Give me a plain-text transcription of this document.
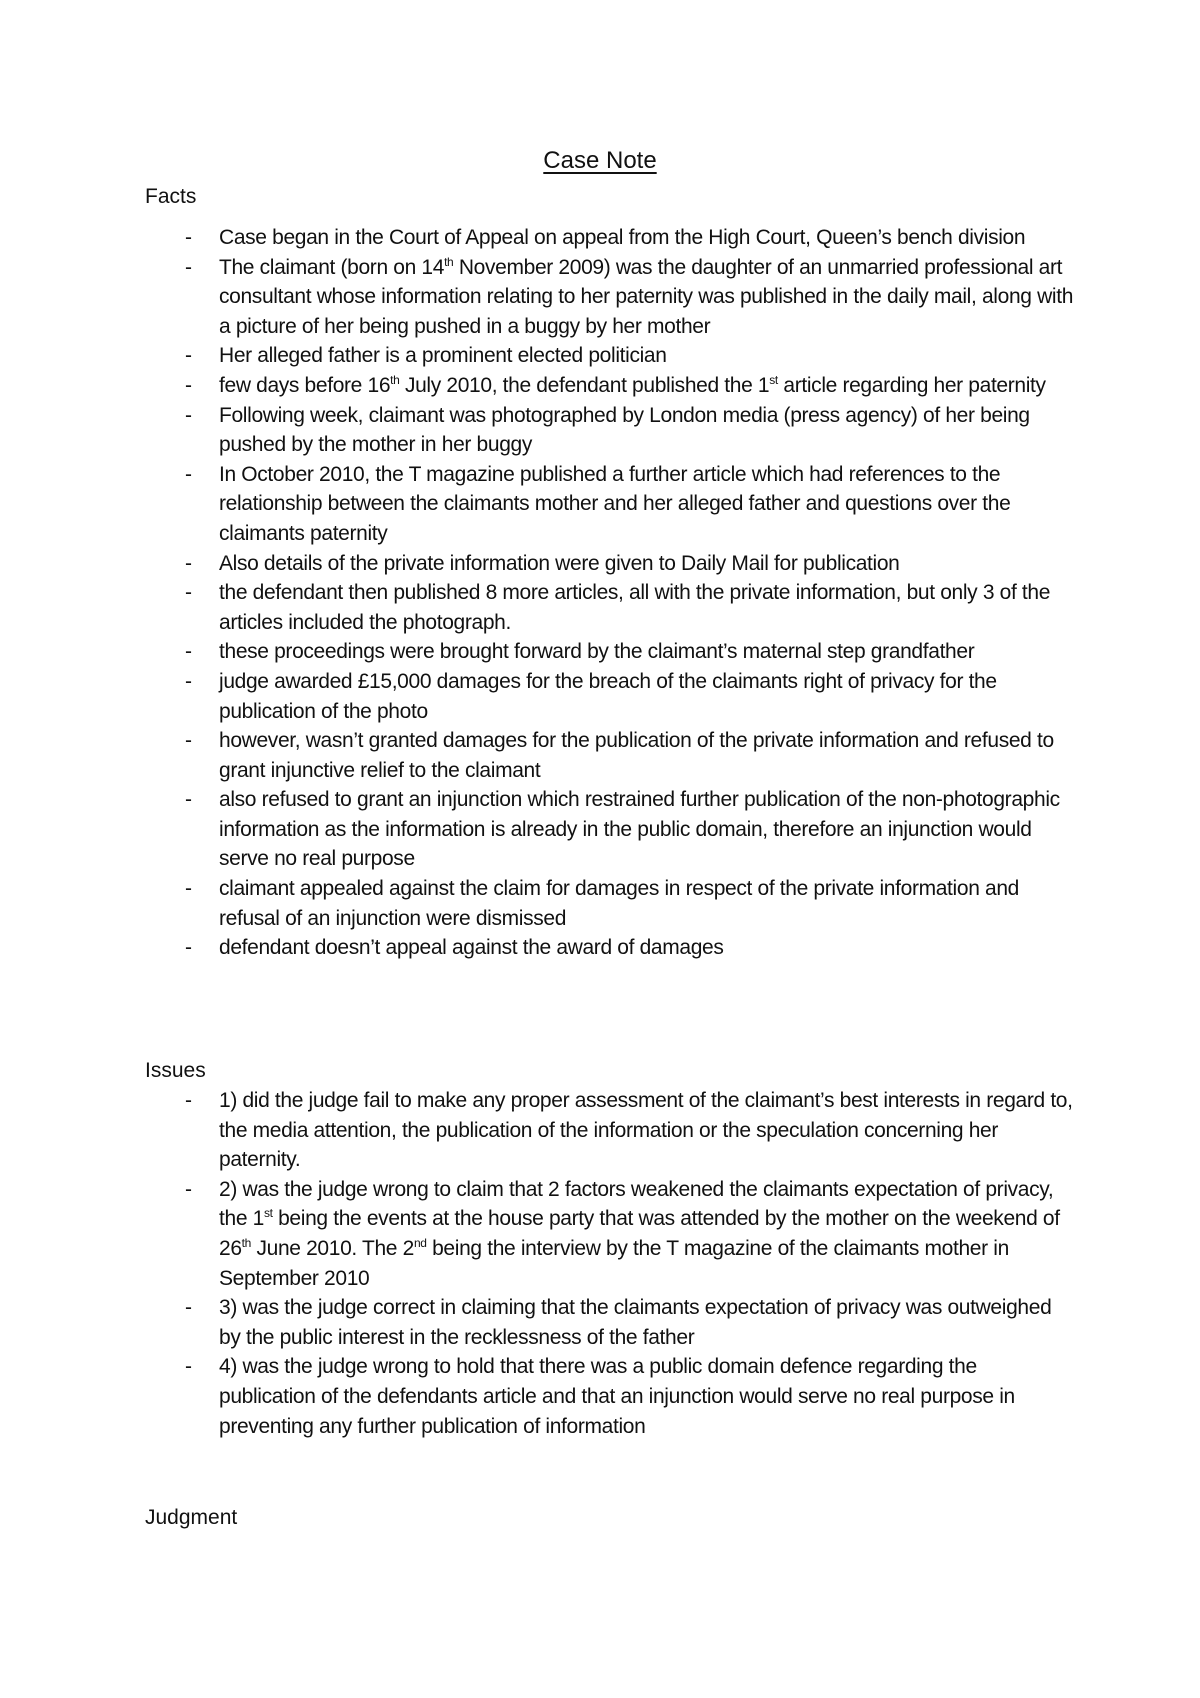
Case Note
Facts
- Case began in the Court of Appeal on appeal from the High Court, Queen’s bench division
- The claimant (born on 14th November 2009) was the daughter of an unmarried professional art consultant whose information relating to her paternity was published in the daily mail, along with a picture of her being pushed in a buggy by her mother
- Her alleged father is a prominent elected politician
- few days before 16th July 2010, the defendant published the 1st article regarding her paternity
- Following week, claimant was photographed by London media (press agency) of her being pushed by the mother in her buggy
- In October 2010, the T magazine published a further article which had references to the relationship between the claimants mother and her alleged father and questions over the claimants paternity
- Also details of the private information were given to Daily Mail for publication
- the defendant then published 8 more articles, all with the private information, but only 3 of the articles included the photograph.
- these proceedings were brought forward by the claimant’s maternal step grandfather
- judge awarded £15,000 damages for the breach of the claimants right of privacy for the publication of the photo
- however, wasn’t granted damages for the publication of the private information and refused to grant injunctive relief to the claimant
- also refused to grant an injunction which restrained further publication of the non-photographic information as the information is already in the public domain, therefore an injunction would serve no real purpose
- claimant appealed against the claim for damages in respect of the private information and refusal of an injunction were dismissed
- defendant doesn’t appeal against the award of damages
Issues
- 1) did the judge fail to make any proper assessment of the claimant’s best interests in regard to, the media attention, the publication of the information or the speculation concerning her paternity.
- 2) was the judge wrong to claim that 2 factors weakened the claimants expectation of privacy, the 1st being the events at the house party that was attended by the mother on the weekend of 26th June 2010. The 2nd being the interview by the T magazine of the claimants mother in September 2010
- 3) was the judge correct in claiming that the claimants expectation of privacy was outweighed by the public interest in the recklessness of the father
- 4) was the judge wrong to hold that there was a public domain defence regarding the publication of the defendants article and that an injunction would serve no real purpose in preventing any further publication of information
Judgment
